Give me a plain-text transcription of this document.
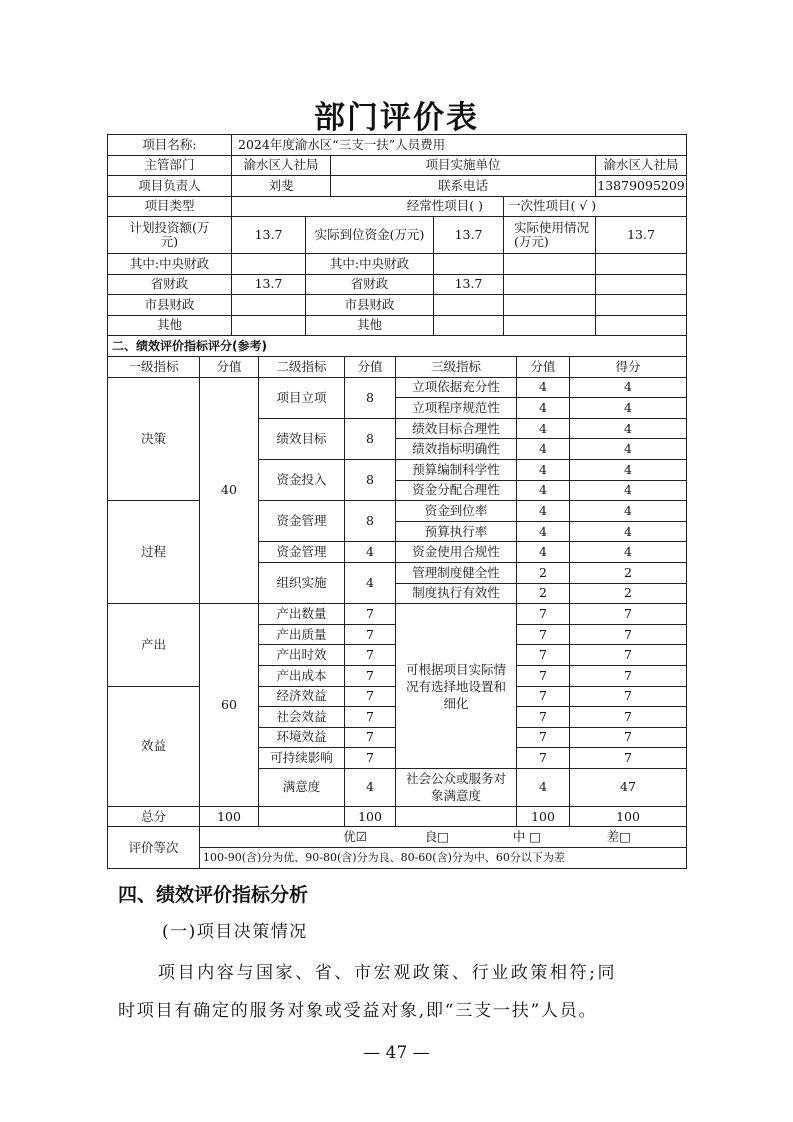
部门评价表
项目名称:	2024年度渝水区“三支一扶”人员费用					
主管部门	渝水区人社局		项目实施单位			渝水区人社局
项目负责人	刘斐		联系电话			13879095209
项目类型	经常性项目( )				一次性项目( √ )	
计划投资额(万元)	13.7	实际到位资金(万元)		13.7	实际使用情况(万元)	13.7
其中:中央财政		其中:中央财政				
省财政	13.7	省财政		13.7		
市县财政		市县财政				
其他		其他				
二、绩效评价指标评分(参考)						
一级指标	分值	二级指标	分值	三级指标	分值	得分
决策	40	项目立项	8	立项依据充分性	4	4
				立项程序规范性	4	4
		绩效目标	8	绩效目标合理性	4	4
				绩效指标明确性	4	4
		资金投入	8	预算编制科学性	4	4
				资金分配合理性	4	4
过程		资金管理	8	资金到位率	4	4
				预算执行率	4	4
		资金管理	4	资金使用合规性	4	4
		组织实施	4	管理制度健全性	2	2
				制度执行有效性	2	2
产出	60	产出数量	7	可根据项目实际情况有选择地设置和细化	7	7
		产出质量	7		7	7
		产出时效	7		7	7
		产出成本	7		7	7
效益		经济效益	7		7	7
		社会效益	7		7	7
		环境效益	7		7	7
		可持续影响	7		7	7
		满意度	4	社会公众或服务对象满意度	4	47
总分	100		100		100	100
评价等次	优☑ 良□ 中 □ 差□					
	100-90(含)分为优、90-80(含)分为良、80-60(含)分为中、60分以下为差					
四、绩效评价指标分析
(一)项目决策情况
项目内容与国家、省、市宏观政策、行业政策相符;同
时项目有确定的服务对象或受益对象,即“三支一扶”人员。
— 47 —
